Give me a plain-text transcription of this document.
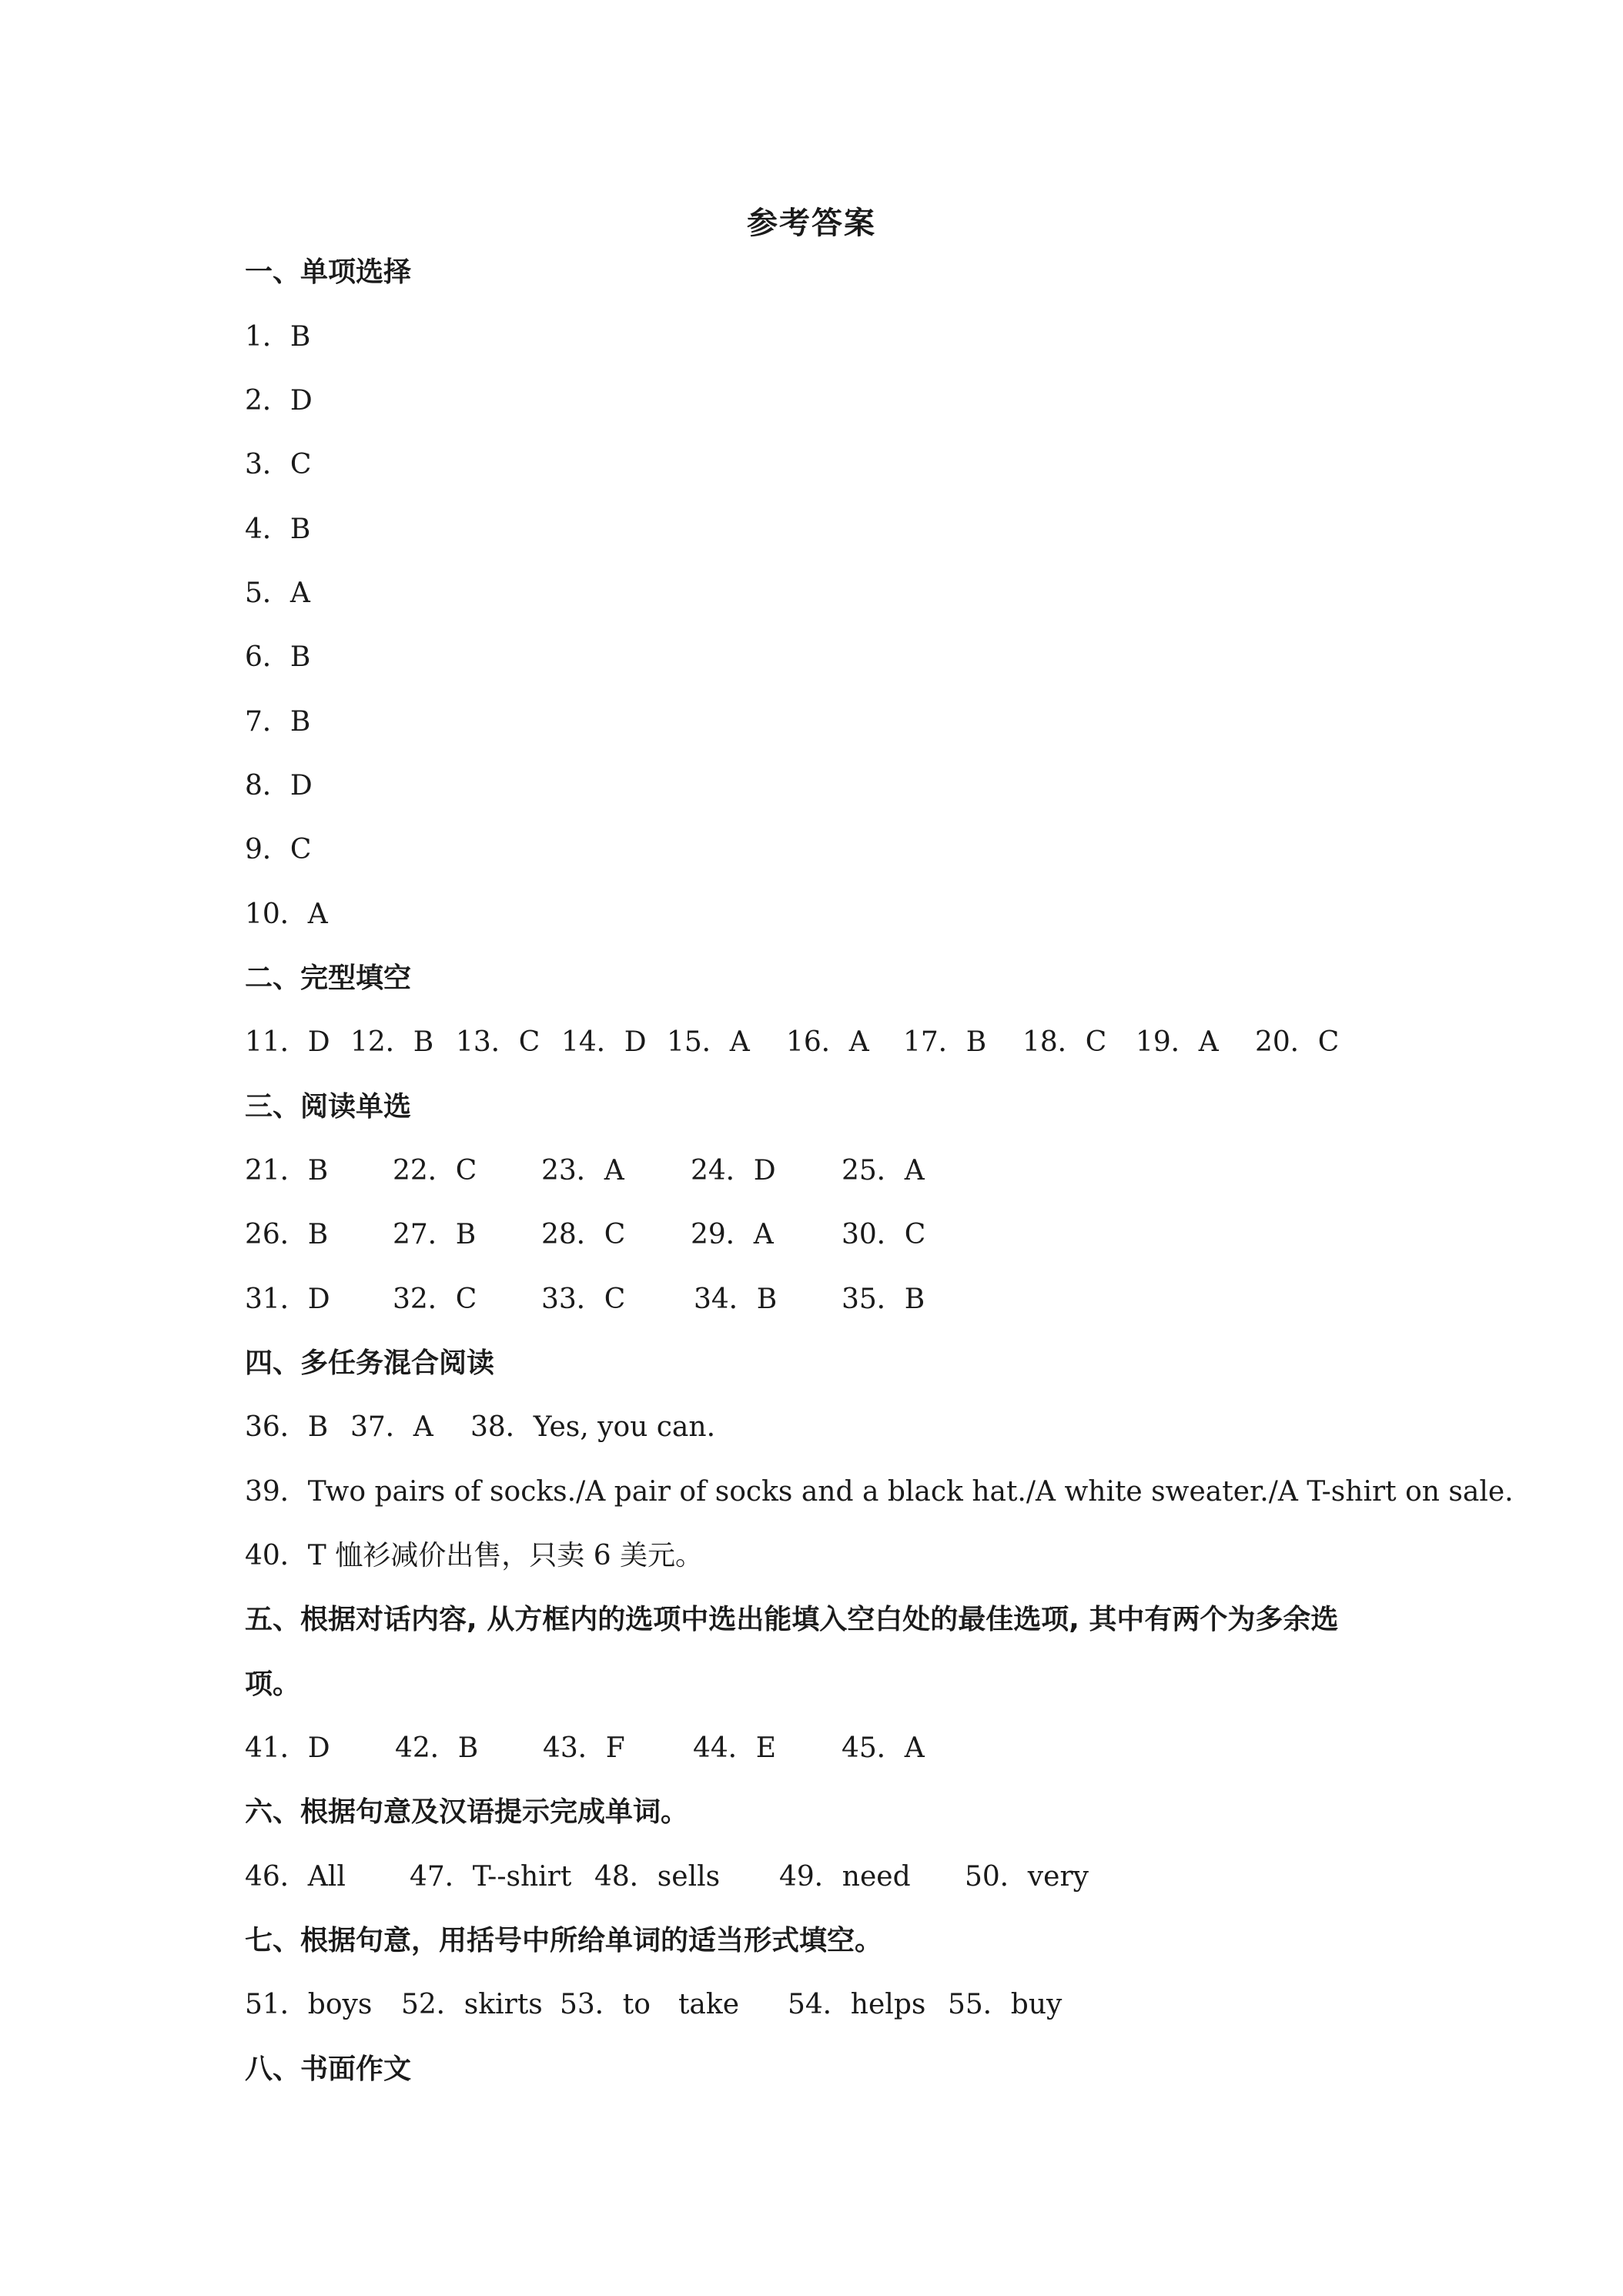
参考答案
一、单项选择
1．B
2．D
3．C
4．B
5．A
6．B
7．B
8．D
9．C
10．A
二、完型填空
11．D 12．B 13．C 14．D 15．A	16．A	17．B	18．C	19．A	20．C
三、阅读单选
21．B	22．C	23．A	24．D	25．A
26．B	27．B	28．C	29．A	30．C
31．D	32．C	33．C	34．B	35．B
四、多任务混合阅读
36．B 37．A	38．Yes, you can.
39．Two pairs of socks./A pair of socks and a black hat./A white sweater./A T-shirt on sale.
40．T 恤衫减价出售，只卖 6 美元。
五、根据对话内容, 从方框内的选项中选出能填入空白处的最佳选项, 其中有两个为多余选
项。
41．D	42．B	43．F	44．E	45．A
六、根据句意及汉语提示完成单词。
46．All	47．T--shirt 48．sells	49．need	50．very
七、根据句意，用括号中所给单词的适当形式填空。
51．boys	52．skirts 53．to　take	54．helps 55．buy
八、书面作文
